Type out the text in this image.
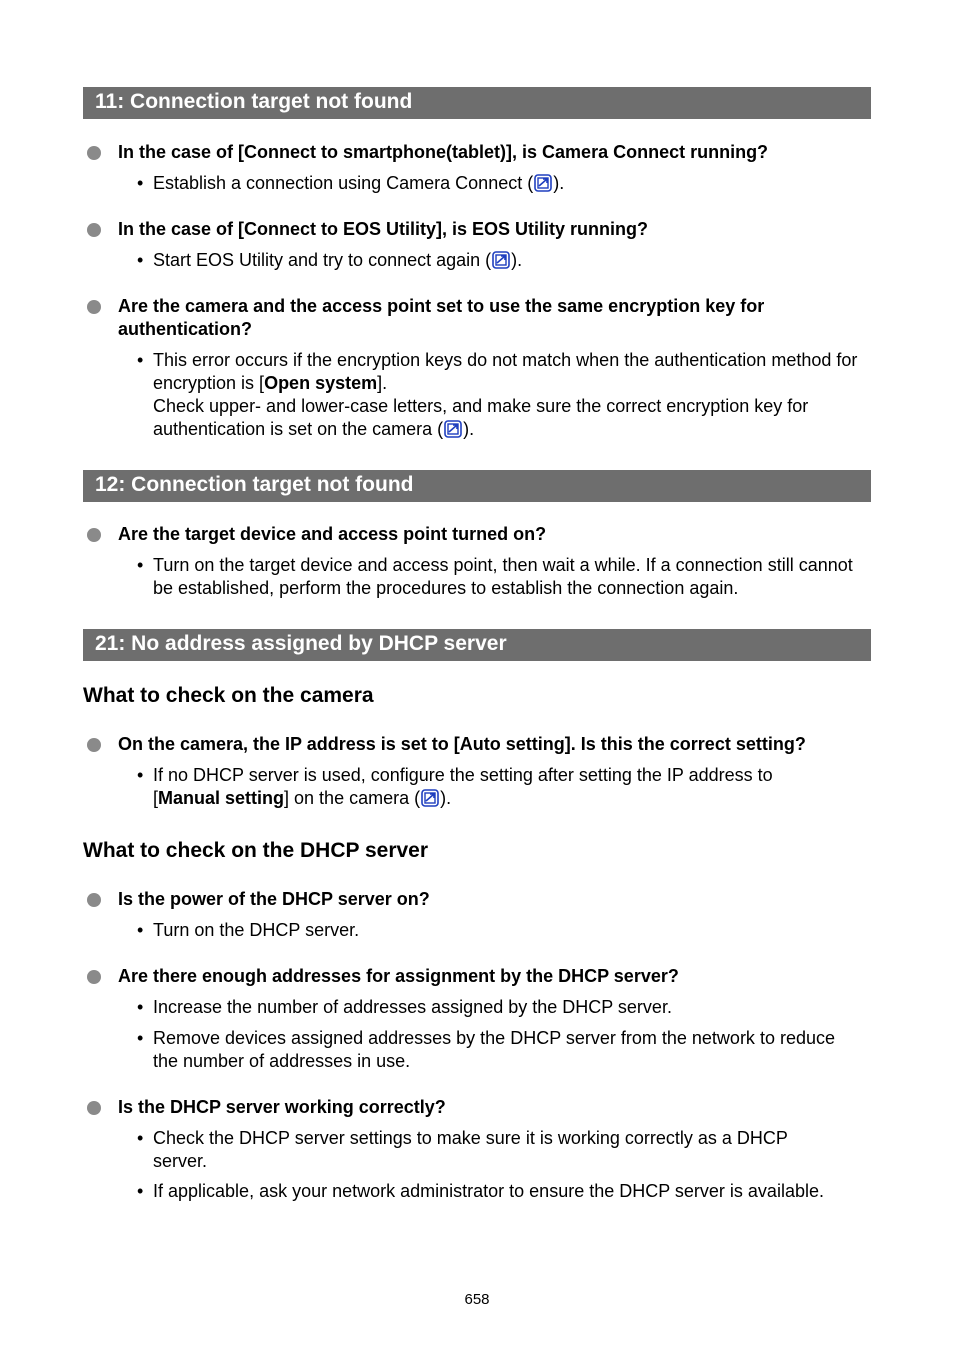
11: Connection target not found
In the case of [Connect to smartphone(tablet)], is Camera Connect running?
• Establish a connection using Camera Connect ( ).
In the case of [Connect to EOS Utility], is EOS Utility running?
• Start EOS Utility and try to connect again ( ).
Are the camera and the access point set to use the same encryption key for authentication?
• This error occurs if the encryption keys do not match when the authentication method for encryption is [Open system].
Check upper- and lower-case letters, and make sure the correct encryption key for authentication is set on the camera ( ).
12: Connection target not found
Are the target device and access point turned on?
• Turn on the target device and access point, then wait a while. If a connection still cannot be established, perform the procedures to establish the connection again.
21: No address assigned by DHCP server
What to check on the camera
On the camera, the IP address is set to [Auto setting]. Is this the correct setting?
• If no DHCP server is used, configure the setting after setting the IP address to [Manual setting] on the camera ( ).
What to check on the DHCP server
Is the power of the DHCP server on?
• Turn on the DHCP server.
Are there enough addresses for assignment by the DHCP server?
• Increase the number of addresses assigned by the DHCP server.
• Remove devices assigned addresses by the DHCP server from the network to reduce the number of addresses in use.
Is the DHCP server working correctly?
• Check the DHCP server settings to make sure it is working correctly as a DHCP server.
• If applicable, ask your network administrator to ensure the DHCP server is available.
658
